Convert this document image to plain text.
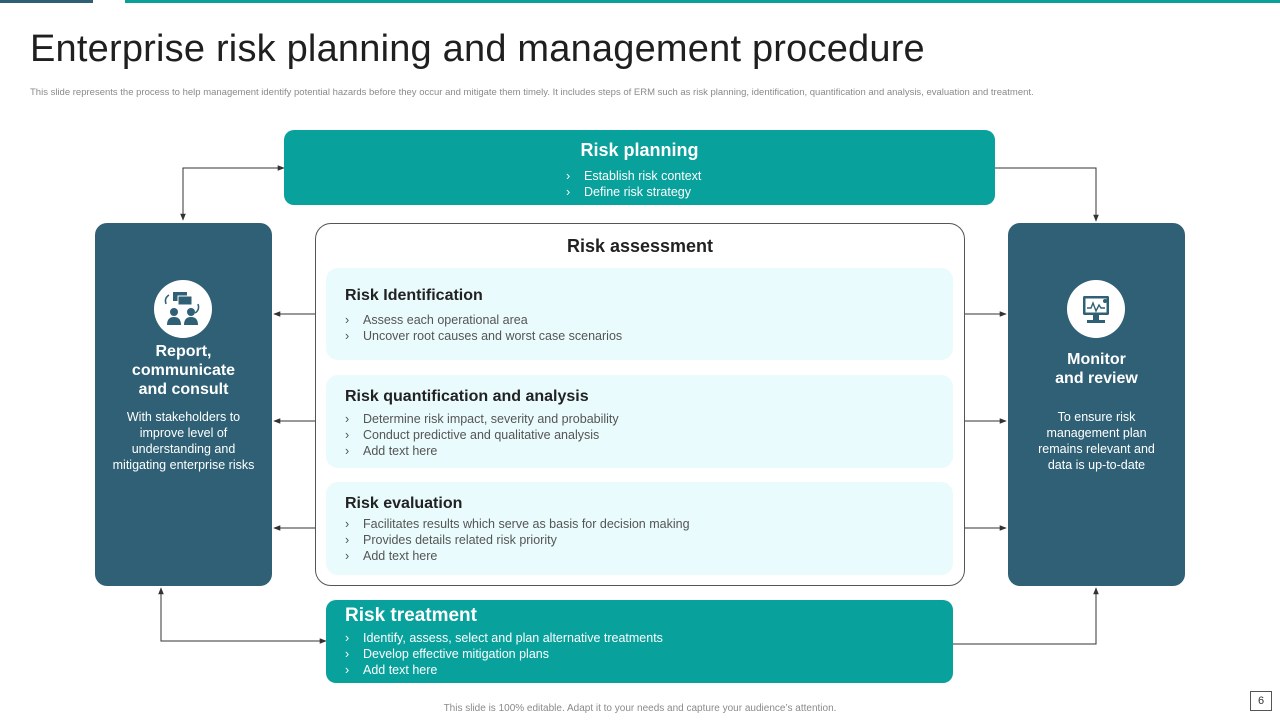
Enterprise risk planning and management procedure
This slide represents the process to help management identify potential hazards before they occur and mitigate them timely. It includes steps of ERM such as risk planning, identification, quantification and analysis, evaluation and treatment.
Risk planning
› Establish risk context
› Define risk strategy
Report,
communicate
and consult
With stakeholders to
improve level of
understanding and
mitigating enterprise risks
Monitor
and review
To ensure risk
management plan
remains relevant and
data is up-to-date
Risk assessment
Risk Identification
› Assess each operational area
› Uncover root causes and worst case scenarios
Risk quantification and analysis
› Determine risk impact, severity and probability
› Conduct predictive and qualitative analysis
› Add text here
Risk evaluation
› Facilitates results which serve as basis for decision making
› Provides details related risk priority
› Add text here
Risk treatment
› Identify, assess, select and plan alternative treatments
› Develop effective mitigation plans
› Add text here
This slide is 100% editable. Adapt it to your needs and capture your audience’s attention.
6
